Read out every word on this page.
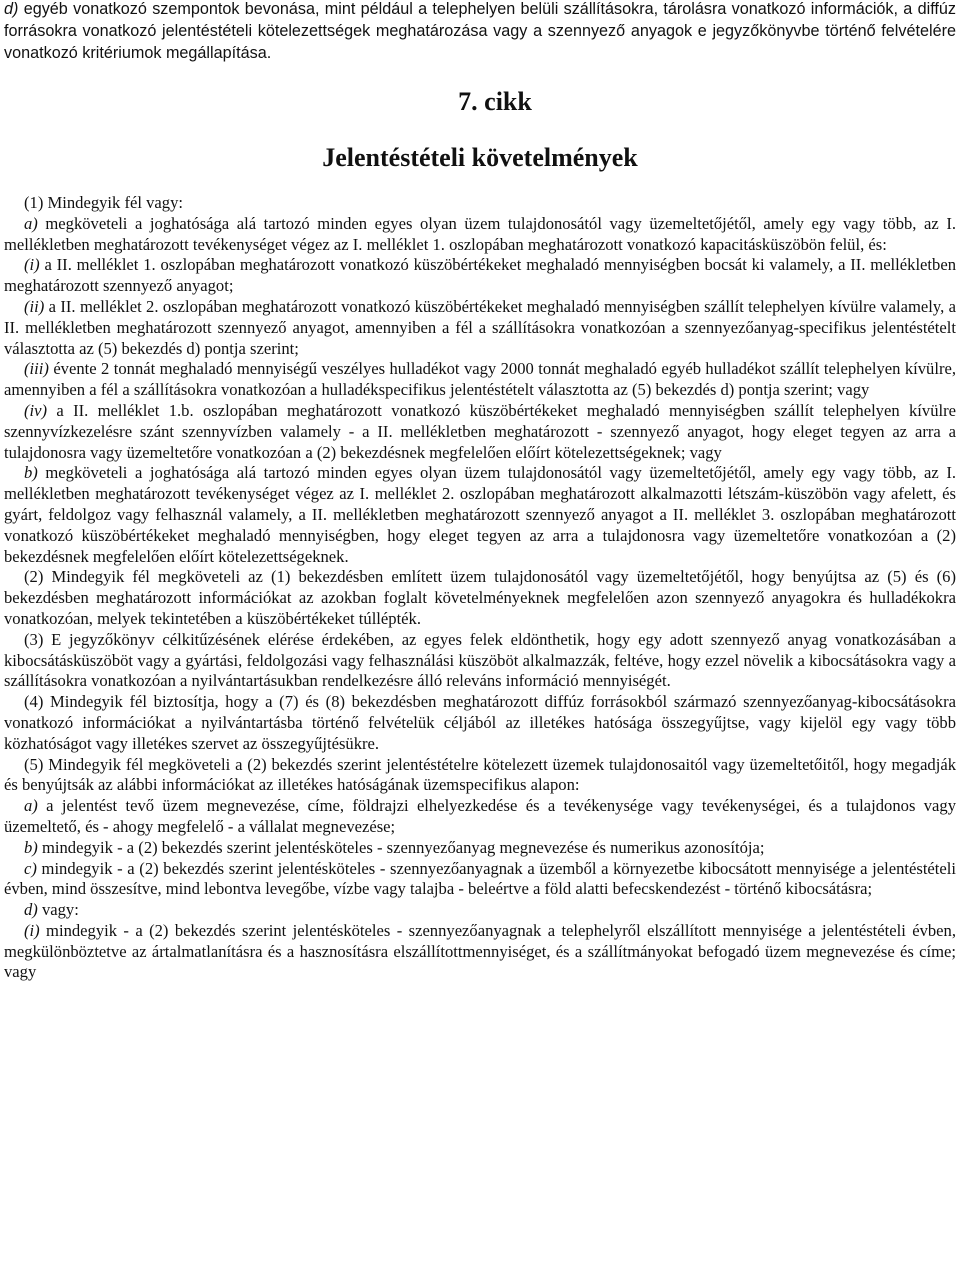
d) egyéb vonatkozó szempontok bevonása, mint például a telephelyen belüli szállításokra, tárolásra vonatkozó információk, a diffúz forrásokra vonatkozó jelentéstételi kötelezettségek meghatározása vagy a szennyező anyagok e jegyzőkönyvbe történő felvételére vonatkozó kritériumok megállapítása.

7. cikk
Jelentéstételi követelmények

(1) Mindegyik fél vagy:

a) megköveteli a joghatósága alá tartozó minden egyes olyan üzem tulajdonosától vagy üzemeltetőjétől, amely egy vagy több, az I. mellékletben meghatározott tevékenységet végez az I. melléklet 1. oszlopában meghatározott vonatkozó kapacitásküszöbön felül, és:

(i) a II. melléklet 1. oszlopában meghatározott vonatkozó küszöbértékeket meghaladó mennyiségben bocsát ki valamely, a II. mellékletben meghatározott szennyező anyagot;

(ii) a II. melléklet 2. oszlopában meghatározott vonatkozó küszöbértékeket meghaladó mennyiségben szállít telephelyen kívülre valamely, a II. mellékletben meghatározott szennyező anyagot, amennyiben a fél a szállításokra vonatkozóan a szennyezőanyag-specifikus jelentéstételt választotta az (5) bekezdés d) pontja szerint;

(iii) évente 2 tonnát meghaladó mennyiségű veszélyes hulladékot vagy 2000 tonnát meghaladó egyéb hulladékot szállít telephelyen kívülre, amennyiben a fél a szállításokra vonatkozóan a hulladékspecifikus jelentéstételt választotta az (5) bekezdés d) pontja szerint; vagy

(iv) a II. melléklet 1.b. oszlopában meghatározott vonatkozó küszöbértékeket meghaladó mennyiségben szállít telephelyen kívülre szennyvízkezelésre szánt szennyvízben valamely - a II. mellékletben meghatározott - szennyező anyagot, hogy eleget tegyen az arra a tulajdonosra vagy üzemeltetőre vonatkozóan a (2) bekezdésnek megfelelően előírt kötelezettségeknek; vagy

b) megköveteli a joghatósága alá tartozó minden egyes olyan üzem tulajdonosától vagy üzemeltetőjétől, amely egy vagy több, az I. mellékletben meghatározott tevékenységet végez az I. melléklet 2. oszlopában meghatározott alkalmazotti létszám-küszöbön vagy afelett, és gyárt, feldolgoz vagy felhasznál valamely, a II. mellékletben meghatározott szennyező anyagot a II. melléklet 3. oszlopában meghatározott vonatkozó küszöbértékeket meghaladó mennyiségben, hogy eleget tegyen az arra a tulajdonosra vagy üzemeltetőre vonatkozóan a (2) bekezdésnek megfelelően előírt kötelezettségeknek.

(2) Mindegyik fél megköveteli az (1) bekezdésben említett üzem tulajdonosától vagy üzemeltetőjétől, hogy benyújtsa az (5) és (6) bekezdésben meghatározott információkat az azokban foglalt követelményeknek megfelelően azon szennyező anyagokra és hulladékokra vonatkozóan, melyek tekintetében a küszöbértékeket túllépték.

(3) E jegyzőkönyv célkitűzésének elérése érdekében, az egyes felek eldönthetik, hogy egy adott szennyező anyag vonatkozásában a kibocsátásküszöböt vagy a gyártási, feldolgozási vagy felhasználási küszöböt alkalmazzák, feltéve, hogy ezzel növelik a kibocsátásokra vagy a szállításokra vonatkozóan a nyilvántartásukban rendelkezésre álló releváns információ mennyiségét.

(4) Mindegyik fél biztosítja, hogy a (7) és (8) bekezdésben meghatározott diffúz forrásokból származó szennyezőanyag-kibocsátásokra vonatkozó információkat a nyilvántartásba történő felvételük céljából az illetékes hatósága összegyűjtse, vagy kijelöl egy vagy több közhatóságot vagy illetékes szervet az összegyűjtésükre.

(5) Mindegyik fél megköveteli a (2) bekezdés szerint jelentéstételre kötelezett üzemek tulajdonosaitól vagy üzemeltetőitől, hogy megadják és benyújtsák az alábbi információkat az illetékes hatóságának üzemspecifikus alapon:

a) a jelentést tevő üzem megnevezése, címe, földrajzi elhelyezkedése és a tevékenysége vagy tevékenységei, és a tulajdonos vagy üzemeltető, és - ahogy megfelelő - a vállalat megnevezése;

b) mindegyik - a (2) bekezdés szerint jelentésköteles - szennyezőanyag megnevezése és numerikus azonosítója;

c) mindegyik - a (2) bekezdés szerint jelentésköteles - szennyezőanyagnak a üzemből a környezetbe kibocsátott mennyisége a jelentéstételi évben, mind összesítve, mind lebontva levegőbe, vízbe vagy talajba - beleértve a föld alatti befecskendezést - történő kibocsátásra;

d) vagy:

(i) mindegyik - a (2) bekezdés szerint jelentésköteles - szennyezőanyagnak a telephelyről elszállított mennyisége a jelentéstételi évben, megkülönböztetve az ártalmatlanításra és a hasznosításra elszállítottmennyiséget, és a szállítmányokat befogadó üzem megnevezése és címe; vagy
